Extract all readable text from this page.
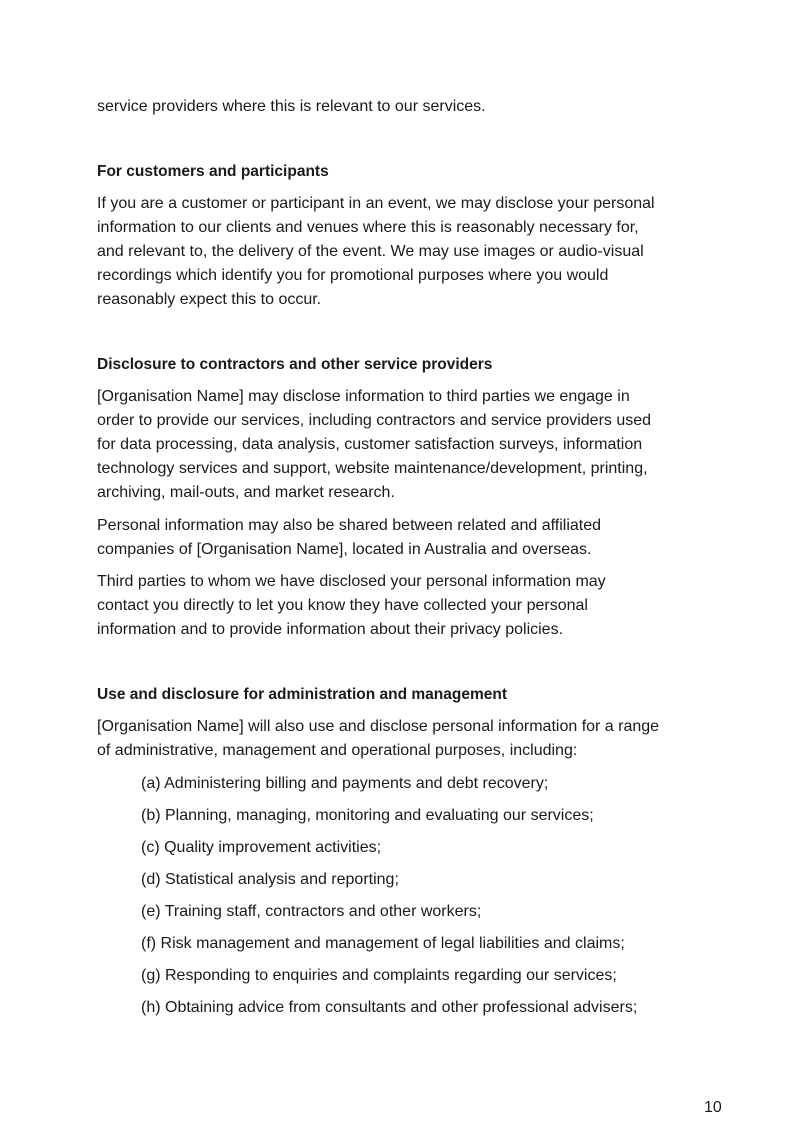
service providers where this is relevant to our services.
For customers and participants
If you are a customer or participant in an event, we may disclose your personal
information to our clients and venues where this is reasonably necessary for,
and relevant to, the delivery of the event. We may use images or audio-visual
recordings which identify you for promotional purposes where you would
reasonably expect this to occur.
Disclosure to contractors and other service providers
[Organisation Name] may disclose information to third parties we engage in
order to provide our services, including contractors and service providers used
for data processing, data analysis, customer satisfaction surveys, information
technology services and support, website maintenance/development, printing,
archiving, mail-outs, and market research.
Personal information may also be shared between related and affiliated
companies of [Organisation Name], located in Australia and overseas.
Third parties to whom we have disclosed your personal information may
contact you directly to let you know they have collected your personal
information and to provide information about their privacy policies.
Use and disclosure for administration and management
[Organisation Name] will also use and disclose personal information for a range
of administrative, management and operational purposes, including:
(a) Administering billing and payments and debt recovery;
(b) Planning, managing, monitoring and evaluating our services;
(c) Quality improvement activities;
(d) Statistical analysis and reporting;
(e) Training staff, contractors and other workers;
(f) Risk management and management of legal liabilities and claims;
(g) Responding to enquiries and complaints regarding our services;
(h) Obtaining advice from consultants and other professional advisers;
10
